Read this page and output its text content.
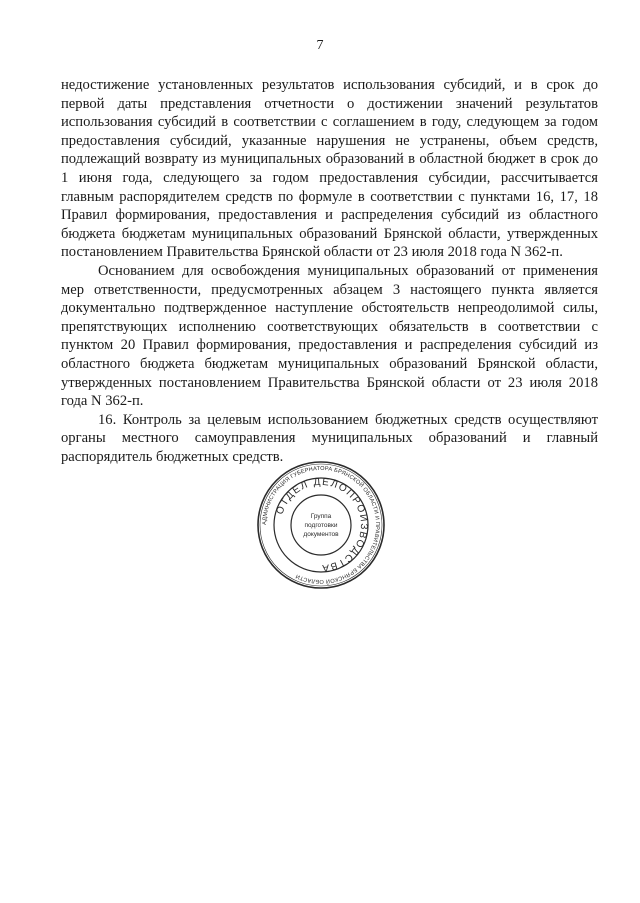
7

недостижение установленных результатов использования субсидий, и в срок до первой даты представления отчетности о достижении значений результатов использования субсидий в соответствии с соглашением в году, следующем за годом предоставления субсидий, указанные нарушения не устранены, объем средств, подлежащий возврату из муниципальных образований в областной бюджет в срок до 1 июня года, следующего за годом предоставления субсидии, рассчитывается главным распорядителем средств по формуле в соответствии с пунктами 16, 17, 18 Правил формирования, предоставления и распределения субсидий из областного бюджета бюджетам муниципальных образований Брянской области, утвержденных постановлением Правительства Брянской области от 23 июля 2018 года N 362-п.

Основанием для освобождения муниципальных образований от применения мер ответственности, предусмотренных абзацем 3 настоящего пункта является документально подтвержденное наступление обстоятельств непреодолимой силы, препятствующих исполнению соответствующих обязательств в соответствии с пунктом 20 Правил формирования, предоставления и распределения субсидий из областного бюджета бюджетам муниципальных образований Брянской области, утвержденных постановлением Правительства Брянской области от 23 июля 2018 года N 362-п.

16. Контроль за целевым использованием бюджетных средств осуществляют органы местного самоуправления муниципальных образований и главный распорядитель бюджетных средств.

АДМИНИСТРАЦИЯ ГУБЕРНАТОРА БРЯНСКОЙ ОБЛАСТИ И ПРАВИТЕЛЬСТВА БРЯНСКОЙ ОБЛАСТИ
ОТДЕЛ ДЕЛОПРОИЗВОДСТВА
Группа
подготовки
документов
